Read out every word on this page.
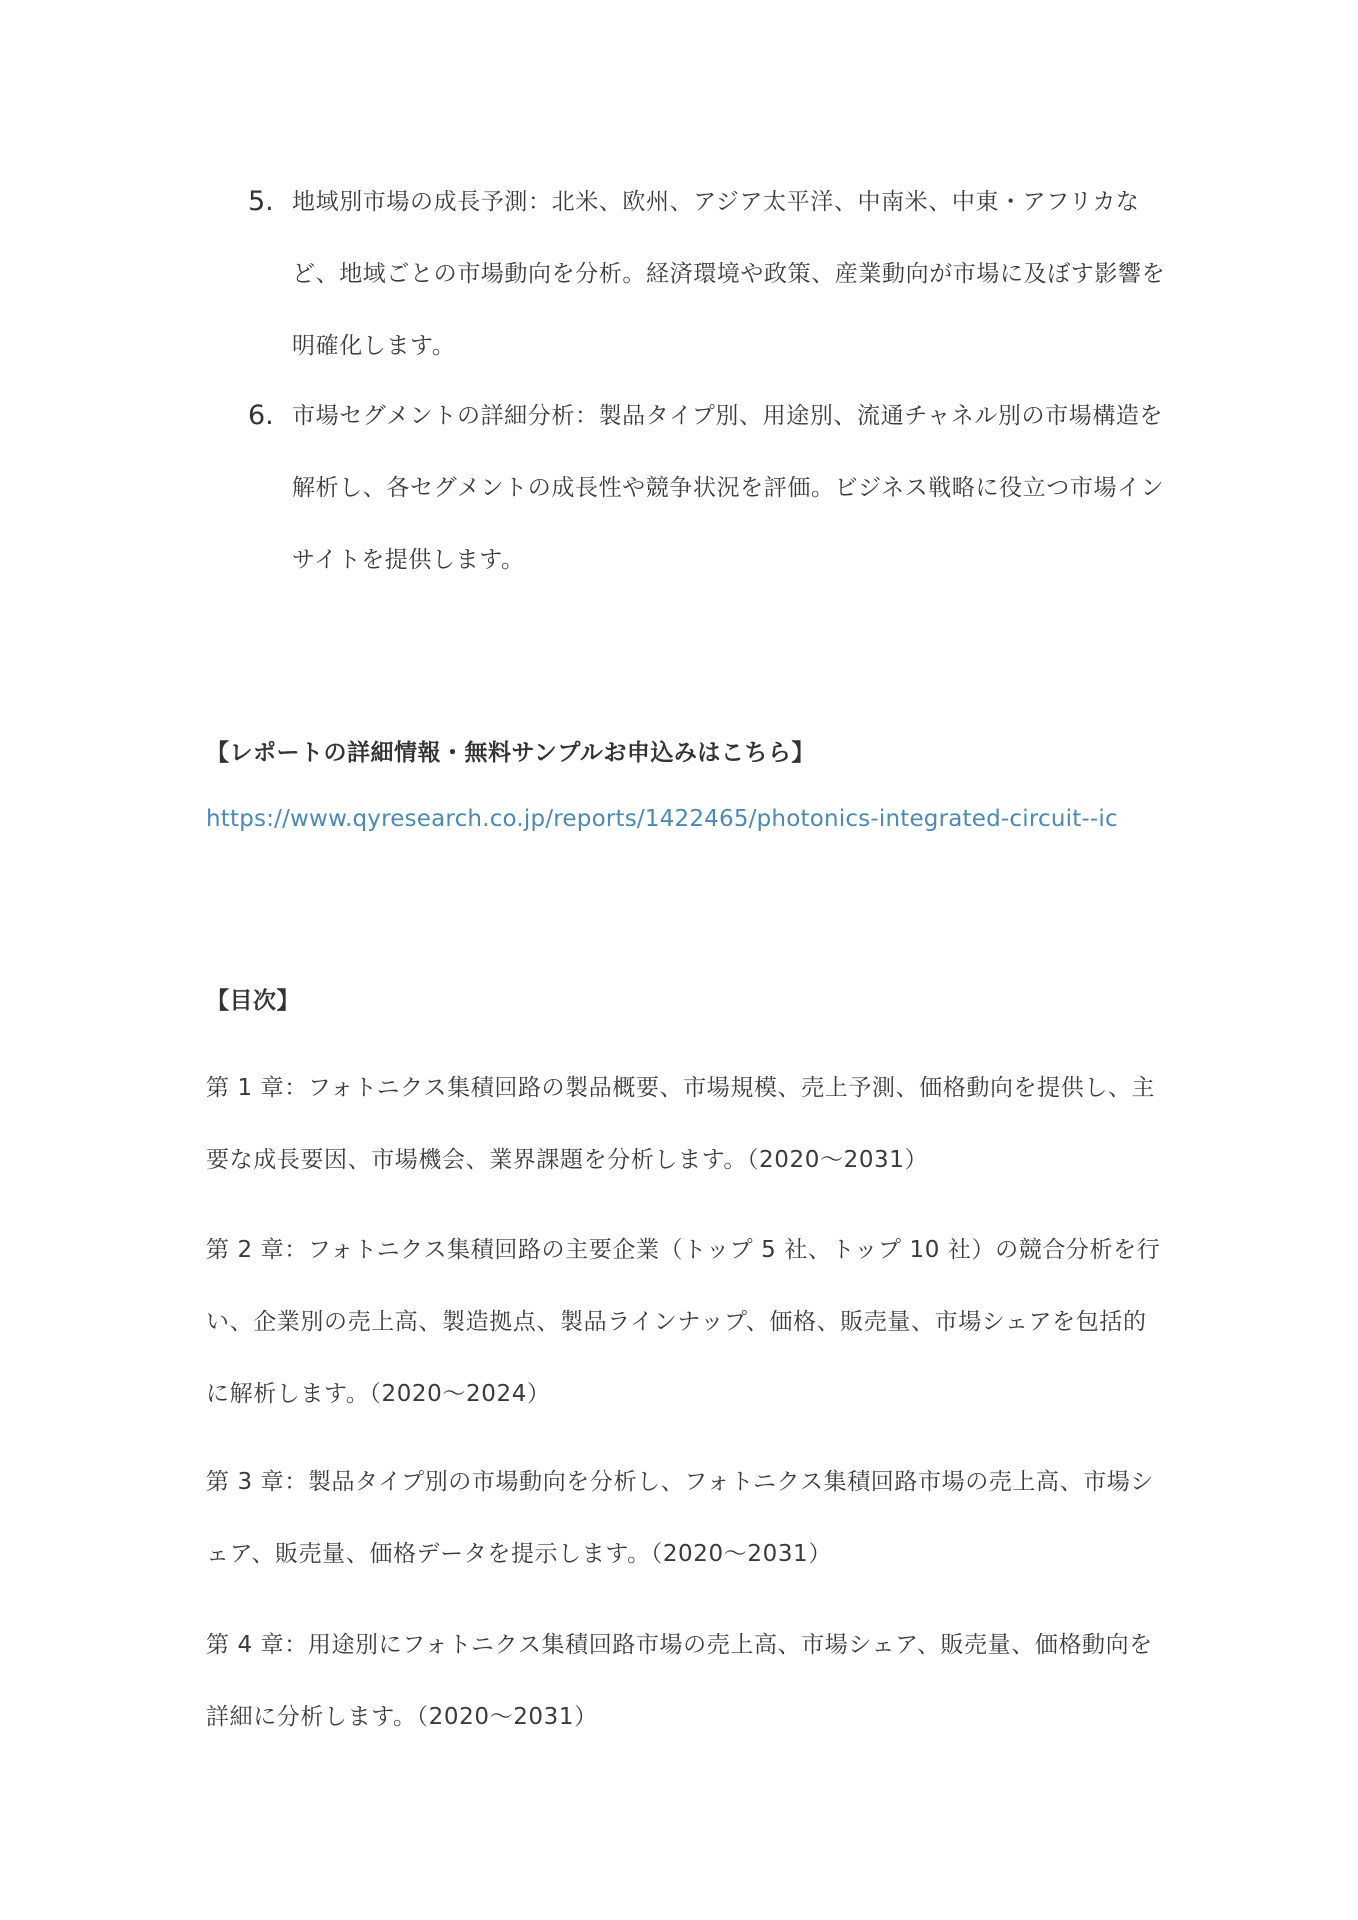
5. 地域別市場の成長予測：北米、欧州、アジア太平洋、中南米、中東・アフリカなど、地域ごとの市場動向を分析。経済環境や政策、産業動向が市場に及ぼす影響を明確化します。
6. 市場セグメントの詳細分析：製品タイプ別、用途別、流通チャネル別の市場構造を解析し、各セグメントの成長性や競争状況を評価。ビジネス戦略に役立つ市場インサイトを提供します。
【レポートの詳細情報・無料サンプルお申込みはこちら】
https://www.qyresearch.co.jp/reports/1422465/photonics-integrated-circuit--ic
【目次】
第 1 章：フォトニクス集積回路の製品概要、市場規模、売上予測、価格動向を提供し、主要な成長要因、市場機会、業界課題を分析します。（2020～2031）
第 2 章：フォトニクス集積回路の主要企業（トップ 5 社、トップ 10 社）の競合分析を行い、企業別の売上高、製造拠点、製品ラインナップ、価格、販売量、市場シェアを包括的に解析します。（2020～2024）
第 3 章：製品タイプ別の市場動向を分析し、フォトニクス集積回路市場の売上高、市場シェア、販売量、価格データを提示します。（2020～2031）
第 4 章：用途別にフォトニクス集積回路市場の売上高、市場シェア、販売量、価格動向を詳細に分析します。（2020～2031）
